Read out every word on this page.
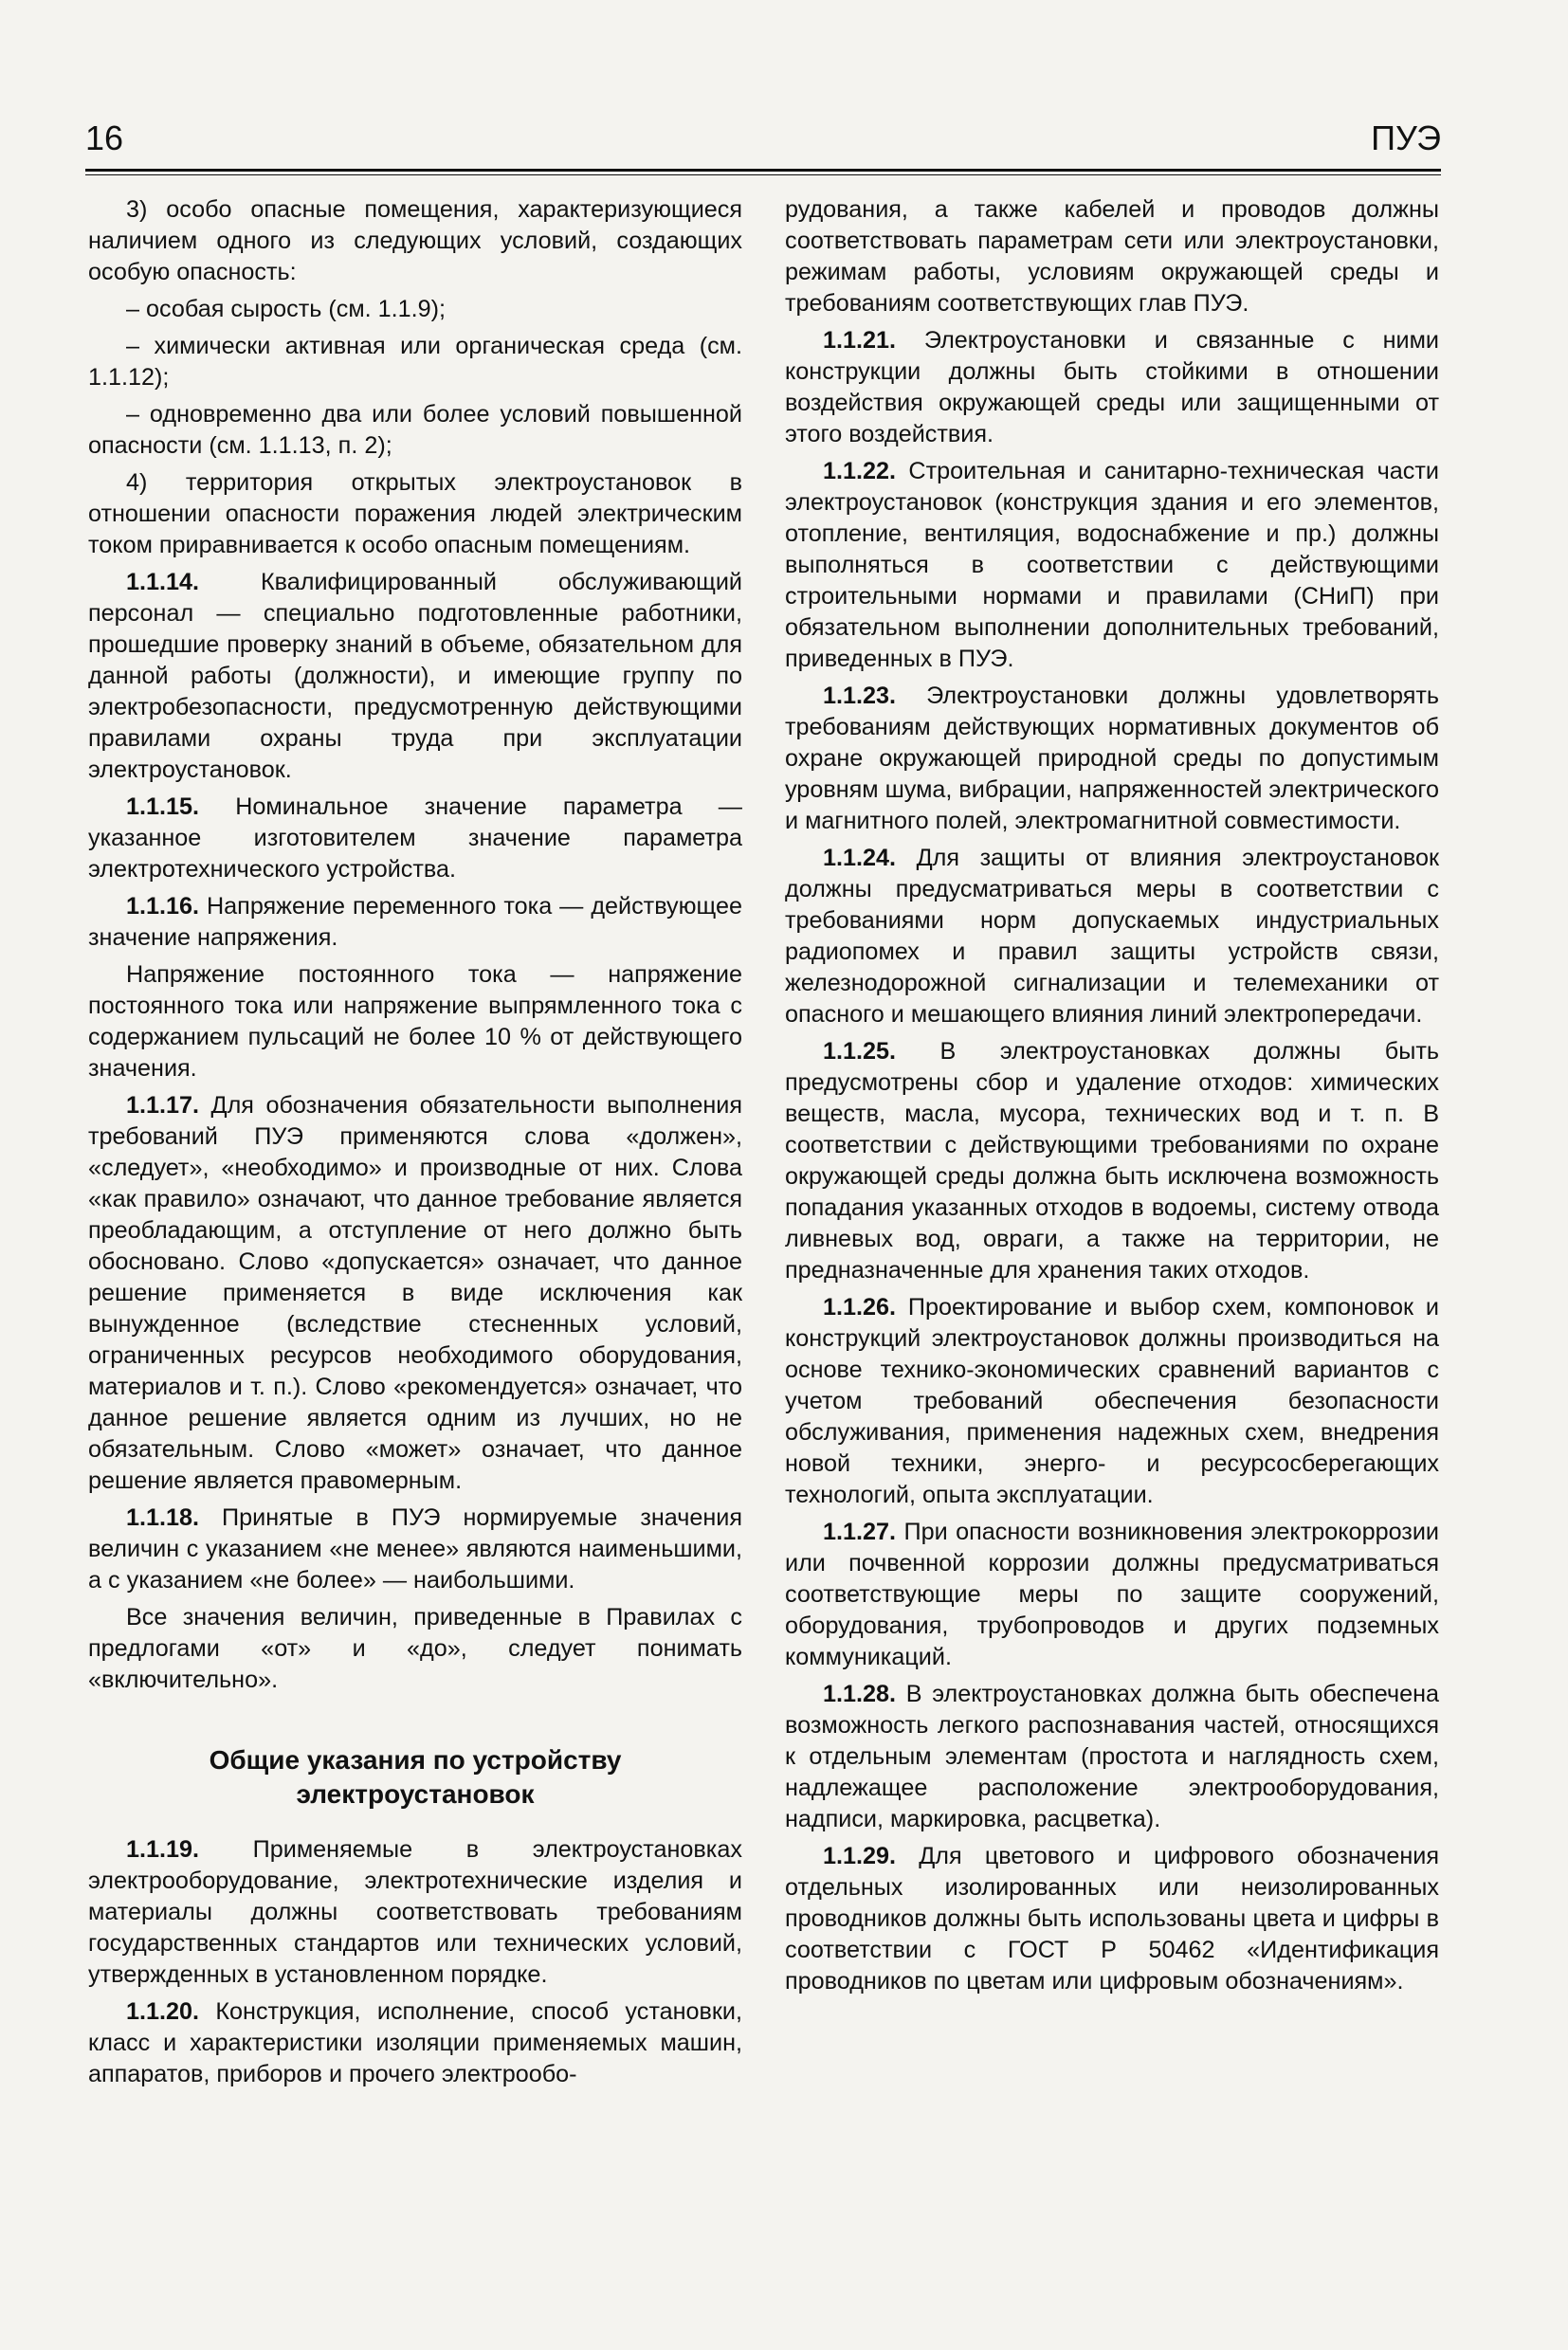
16	ПУЭ

3) особо опасные помещения, характеризующиеся наличием одного из следующих условий, создающих особую опасность:

– особая сырость (см. 1.1.9);

– химически активная или органическая среда (см. 1.1.12);

– одновременно два или более условий повышенной опасности (см. 1.1.13, п. 2);

4) территория открытых электроустановок в отношении опасности поражения людей электрическим током приравнивается к особо опасным помещениям.

1.1.14. Квалифицированный обслуживающий персонал — специально подготовленные работники, прошедшие проверку знаний в объеме, обязательном для данной работы (должности), и имеющие группу по электробезопасности, предусмотренную действующими правилами охраны труда при эксплуатации электроустановок.

1.1.15. Номинальное значение параметра — указанное изготовителем значение параметра электротехнического устройства.

1.1.16. Напряжение переменного тока — действующее значение напряжения.

Напряжение постоянного тока — напряжение постоянного тока или напряжение выпрямленного тока с содержанием пульсаций не более 10 % от действующего значения.

1.1.17. Для обозначения обязательности выполнения требований ПУЭ применяются слова «должен», «следует», «необходимо» и производные от них. Слова «как правило» означают, что данное требование является преобладающим, а отступление от него должно быть обосновано. Слово «допускается» означает, что данное решение применяется в виде исключения как вынужденное (вследствие стесненных условий, ограниченных ресурсов необходимого оборудования, материалов и т. п.). Слово «рекомендуется» означает, что данное решение является одним из лучших, но не обязательным. Слово «может» означает, что данное решение является правомерным.

1.1.18. Принятые в ПУЭ нормируемые значения величин с указанием «не менее» являются наименьшими, а с указанием «не более» — наибольшими.

Все значения величин, приведенные в Правилах с предлогами «от» и «до», следует понимать «включительно».

Общие указания по устройству электроустановок

1.1.19. Применяемые в электроустановках электрооборудование, электротехнические изделия и материалы должны соответствовать требованиям государственных стандартов или технических условий, утвержденных в установленном порядке.

1.1.20. Конструкция, исполнение, способ установки, класс и характеристики изоляции применяемых машин, аппаратов, приборов и прочего электрообо-

рудования, а также кабелей и проводов должны соответствовать параметрам сети или электроустановки, режимам работы, условиям окружающей среды и требованиям соответствующих глав ПУЭ.

1.1.21. Электроустановки и связанные с ними конструкции должны быть стойкими в отношении воздействия окружающей среды или защищенными от этого воздействия.

1.1.22. Строительная и санитарно-техническая части электроустановок (конструкция здания и его элементов, отопление, вентиляция, водоснабжение и пр.) должны выполняться в соответствии с действующими строительными нормами и правилами (СНиП) при обязательном выполнении дополнительных требований, приведенных в ПУЭ.

1.1.23. Электроустановки должны удовлетворять требованиям действующих нормативных документов об охране окружающей природной среды по допустимым уровням шума, вибрации, напряженностей электрического и магнитного полей, электромагнитной совместимости.

1.1.24. Для защиты от влияния электроустановок должны предусматриваться меры в соответствии с требованиями норм допускаемых индустриальных радиопомех и правил защиты устройств связи, железнодорожной сигнализации и телемеханики от опасного и мешающего влияния линий электропередачи.

1.1.25. В электроустановках должны быть предусмотрены сбор и удаление отходов: химических веществ, масла, мусора, технических вод и т. п. В соответствии с действующими требованиями по охране окружающей среды должна быть исключена возможность попадания указанных отходов в водоемы, систему отвода ливневых вод, овраги, а также на территории, не предназначенные для хранения таких отходов.

1.1.26. Проектирование и выбор схем, компоновок и конструкций электроустановок должны производиться на основе технико-экономических сравнений вариантов с учетом требований обеспечения безопасности обслуживания, применения надежных схем, внедрения новой техники, энерго- и ресурсосберегающих технологий, опыта эксплуатации.

1.1.27. При опасности возникновения электрокоррозии или почвенной коррозии должны предусматриваться соответствующие меры по защите сооружений, оборудования, трубопроводов и других подземных коммуникаций.

1.1.28. В электроустановках должна быть обеспечена возможность легкого распознавания частей, относящихся к отдельным элементам (простота и наглядность схем, надлежащее расположение электрооборудования, надписи, маркировка, расцветка).

1.1.29. Для цветового и цифрового обозначения отдельных изолированных или неизолированных проводников должны быть использованы цвета и цифры в соответствии с ГОСТ Р 50462 «Идентификация проводников по цветам или цифровым обозначениям».
